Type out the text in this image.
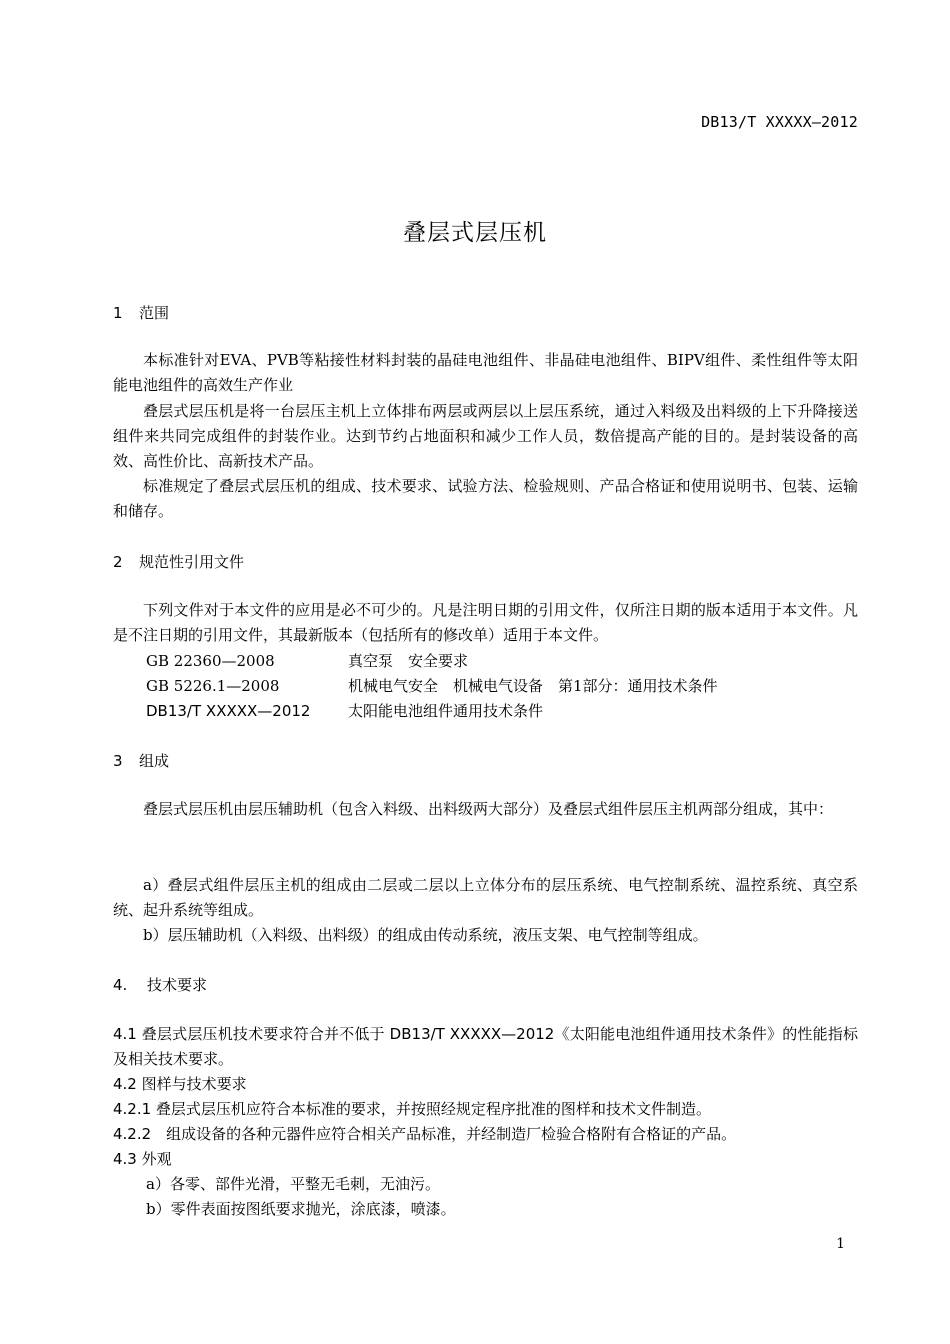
DB13/T XXXXX—2012
叠层式层压机
1 范围
本标准针对EVA、PVB等粘接性材料封装的晶硅电池组件、非晶硅电池组件、BIPV组件、柔性组件等太阳能电池组件的高效生产作业
叠层式层压机是将一台层压主机上立体排布两层或两层以上层压系统，通过入料级及出料级的上下升降接送组件来共同完成组件的封装作业。达到节约占地面积和减少工作人员，数倍提高产能的目的。是封装设备的高效、高性价比、高新技术产品。
标准规定了叠层式层压机的组成、技术要求、试验方法、检验规则、产品合格证和使用说明书、包装、运输和储存。
2 规范性引用文件
下列文件对于本文件的应用是必不可少的。凡是注明日期的引用文件，仅所注日期的版本适用于本文件。凡是不注日期的引用文件，其最新版本（包括所有的修改单）适用于本文件。
GB 22360—2008	真空泵　安全要求
GB 5226.1—2008	机械电气安全　机械电气设备　第1部分：通用技术条件
DB13/T XXXXX—2012	太阳能电池组件通用技术条件
3 组成
叠层式层压机由层压辅助机（包含入料级、出料级两大部分）及叠层式组件层压主机两部分组成，其中：
a）叠层式组件层压主机的组成由二层或二层以上立体分布的层压系统、电气控制系统、温控系统、真空系统、起升系统等组成。
b）层压辅助机（入料级、出料级）的组成由传动系统，液压支架、电气控制等组成。
4. 技术要求
4.1 叠层式层压机技术要求符合并不低于 DB13/T XXXXX—2012《太阳能电池组件通用技术条件》的性能指标及相关技术要求。
4.2 图样与技术要求
4.2.1 叠层式层压机应符合本标准的要求，并按照经规定程序批准的图样和技术文件制造。
4.2.2　组成设备的各种元器件应符合相关产品标准，并经制造厂检验合格附有合格证的产品。
4.3 外观
a）各零、部件光滑，平整无毛刺，无油污。
b）零件表面按图纸要求抛光，涂底漆，喷漆。
1
